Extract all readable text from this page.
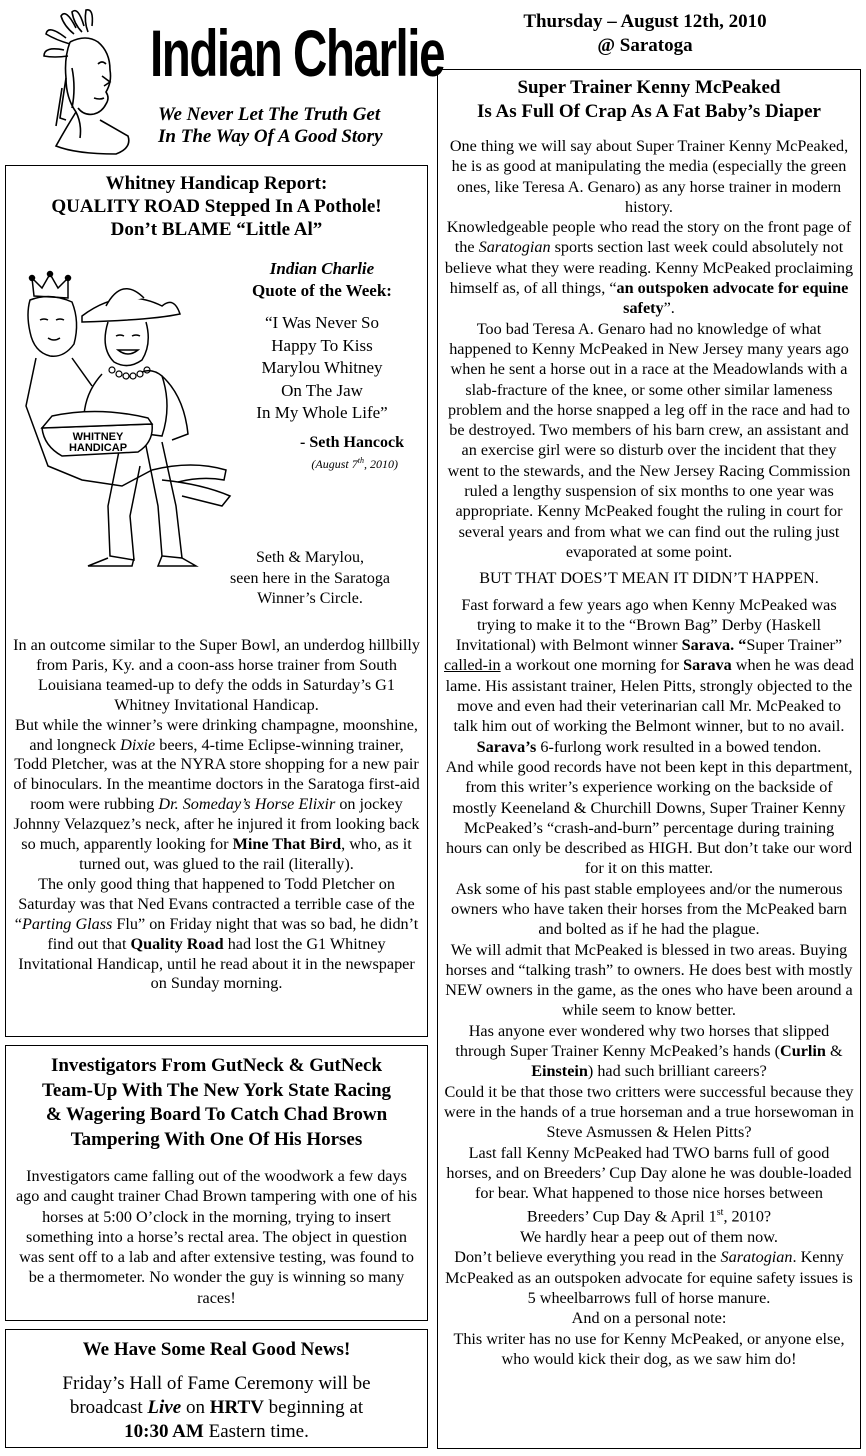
Indian Charlie
We Never Let The Truth Get
In The Way Of A Good Story
Thursday – August 12th, 2010
@ Saratoga
Whitney Handicap Report:
QUALITY ROAD Stepped In A Pothole!
Don’t BLAME “Little Al”
WHITNEY
HANDICAP
Indian Charlie
Quote of the Week:
“I Was Never So
Happy To Kiss
Marylou Whitney
On The Jaw
In My Whole Life”
- Seth Hancock
(August 7th, 2010)
Seth & Marylou,
seen here in the Saratoga
Winner’s Circle.

In an outcome similar to the Super Bowl, an underdog hillbilly from Paris, Ky. and a coon-ass horse trainer from South Louisiana teamed-up to defy the odds in Saturday’s G1 Whitney Invitational Handicap.

But while the winner’s were drinking champagne, moonshine, and longneck Dixie beers, 4-time Eclipse-winning trainer, Todd Pletcher, was at the NYRA store shopping for a new pair of binoculars. In the meantime doctors in the Saratoga first-aid room were rubbing Dr. Someday’s Horse Elixir on jockey Johnny Velazquez’s neck, after he injured it from looking back so much, apparently looking for Mine That Bird, who, as it turned out, was glued to the rail (literally).

The only good thing that happened to Todd Pletcher on Saturday was that Ned Evans contracted a terrible case of the “Parting Glass Flu” on Friday night that was so bad, he didn’t find out that Quality Road had lost the G1 Whitney Invitational Handicap, until he read about it in the newspaper on Sunday morning.

Investigators From GutNeck & GutNeck
Team-Up With The New York State Racing
& Wagering Board To Catch Chad Brown
Tampering With One Of His Horses
Investigators came falling out of the woodwork a few days ago and caught trainer Chad Brown tampering with one of his horses at 5:00 O’clock in the morning, trying to insert something into a horse’s rectal area. The object in question was sent off to a lab and after extensive testing, was found to be a thermometer. No wonder the guy is winning so many races!
We Have Some Real Good News!
Friday’s Hall of Fame Ceremony will be
broadcast Live on HRTV beginning at
10:30 AM Eastern time.
Super Trainer Kenny McPeaked
Is As Full Of Crap As A Fat Baby’s Diaper

One thing we will say about Super Trainer Kenny McPeaked, he is as good at manipulating the media (especially the green ones, like Teresa A. Genaro) as any horse trainer in modern history.

Knowledgeable people who read the story on the front page of the Saratogian sports section last week could absolutely not believe what they were reading. Kenny McPeaked proclaiming himself as, of all things, “an outspoken advocate for equine safety”.

Too bad Teresa A. Genaro had no knowledge of what happened to Kenny McPeaked in New Jersey many years ago when he sent a horse out in a race at the Meadowlands with a slab-fracture of the knee, or some other similar lameness problem and the horse snapped a leg off in the race and had to be destroyed. Two members of his barn crew, an assistant and an exercise girl were so disturb over the incident that they went to the stewards, and the New Jersey Racing Commission ruled a lengthy suspension of six months to one year was appropriate. Kenny McPeaked fought the ruling in court for several years and from what we can find out the ruling just evaporated at some point.

BUT THAT DOES’T MEAN IT DIDN’T HAPPEN.

Fast forward a few years ago when Kenny McPeaked was trying to make it to the “Brown Bag” Derby (Haskell Invitational) with Belmont winner Sarava. “Super Trainer” called-in a workout one morning for Sarava when he was dead lame. His assistant trainer, Helen Pitts, strongly objected to the move and even had their veterinarian call Mr. McPeaked to talk him out of working the Belmont winner, but to no avail. Sarava’s 6-furlong work resulted in a bowed tendon.

And while good records have not been kept in this department, from this writer’s experience working on the backside of mostly Keeneland & Churchill Downs, Super Trainer Kenny McPeaked’s “crash-and-burn” percentage during training hours can only be described as HIGH. But don’t take our word for it on this matter.

Ask some of his past stable employees and/or the numerous owners who have taken their horses from the McPeaked barn and bolted as if he had the plague.

We will admit that McPeaked is blessed in two areas. Buying horses and “talking trash” to owners. He does best with mostly NEW owners in the game, as the ones who have been around a while seem to know better.

Has anyone ever wondered why two horses that slipped through Super Trainer Kenny McPeaked’s hands (Curlin & Einstein) had such brilliant careers?

Could it be that those two critters were successful because they were in the hands of a true horseman and a true horsewoman in Steve Asmussen & Helen Pitts?

Last fall Kenny McPeaked had TWO barns full of good horses, and on Breeders’ Cup Day alone he was double-loaded for bear. What happened to those nice horses between Breeders’ Cup Day & April 1st, 2010?

We hardly hear a peep out of them now.

Don’t believe everything you read in the Saratogian. Kenny McPeaked as an outspoken advocate for equine safety issues is 5 wheelbarrows full of horse manure.

And on a personal note:

This writer has no use for Kenny McPeaked, or anyone else, who would kick their dog, as we saw him do!
